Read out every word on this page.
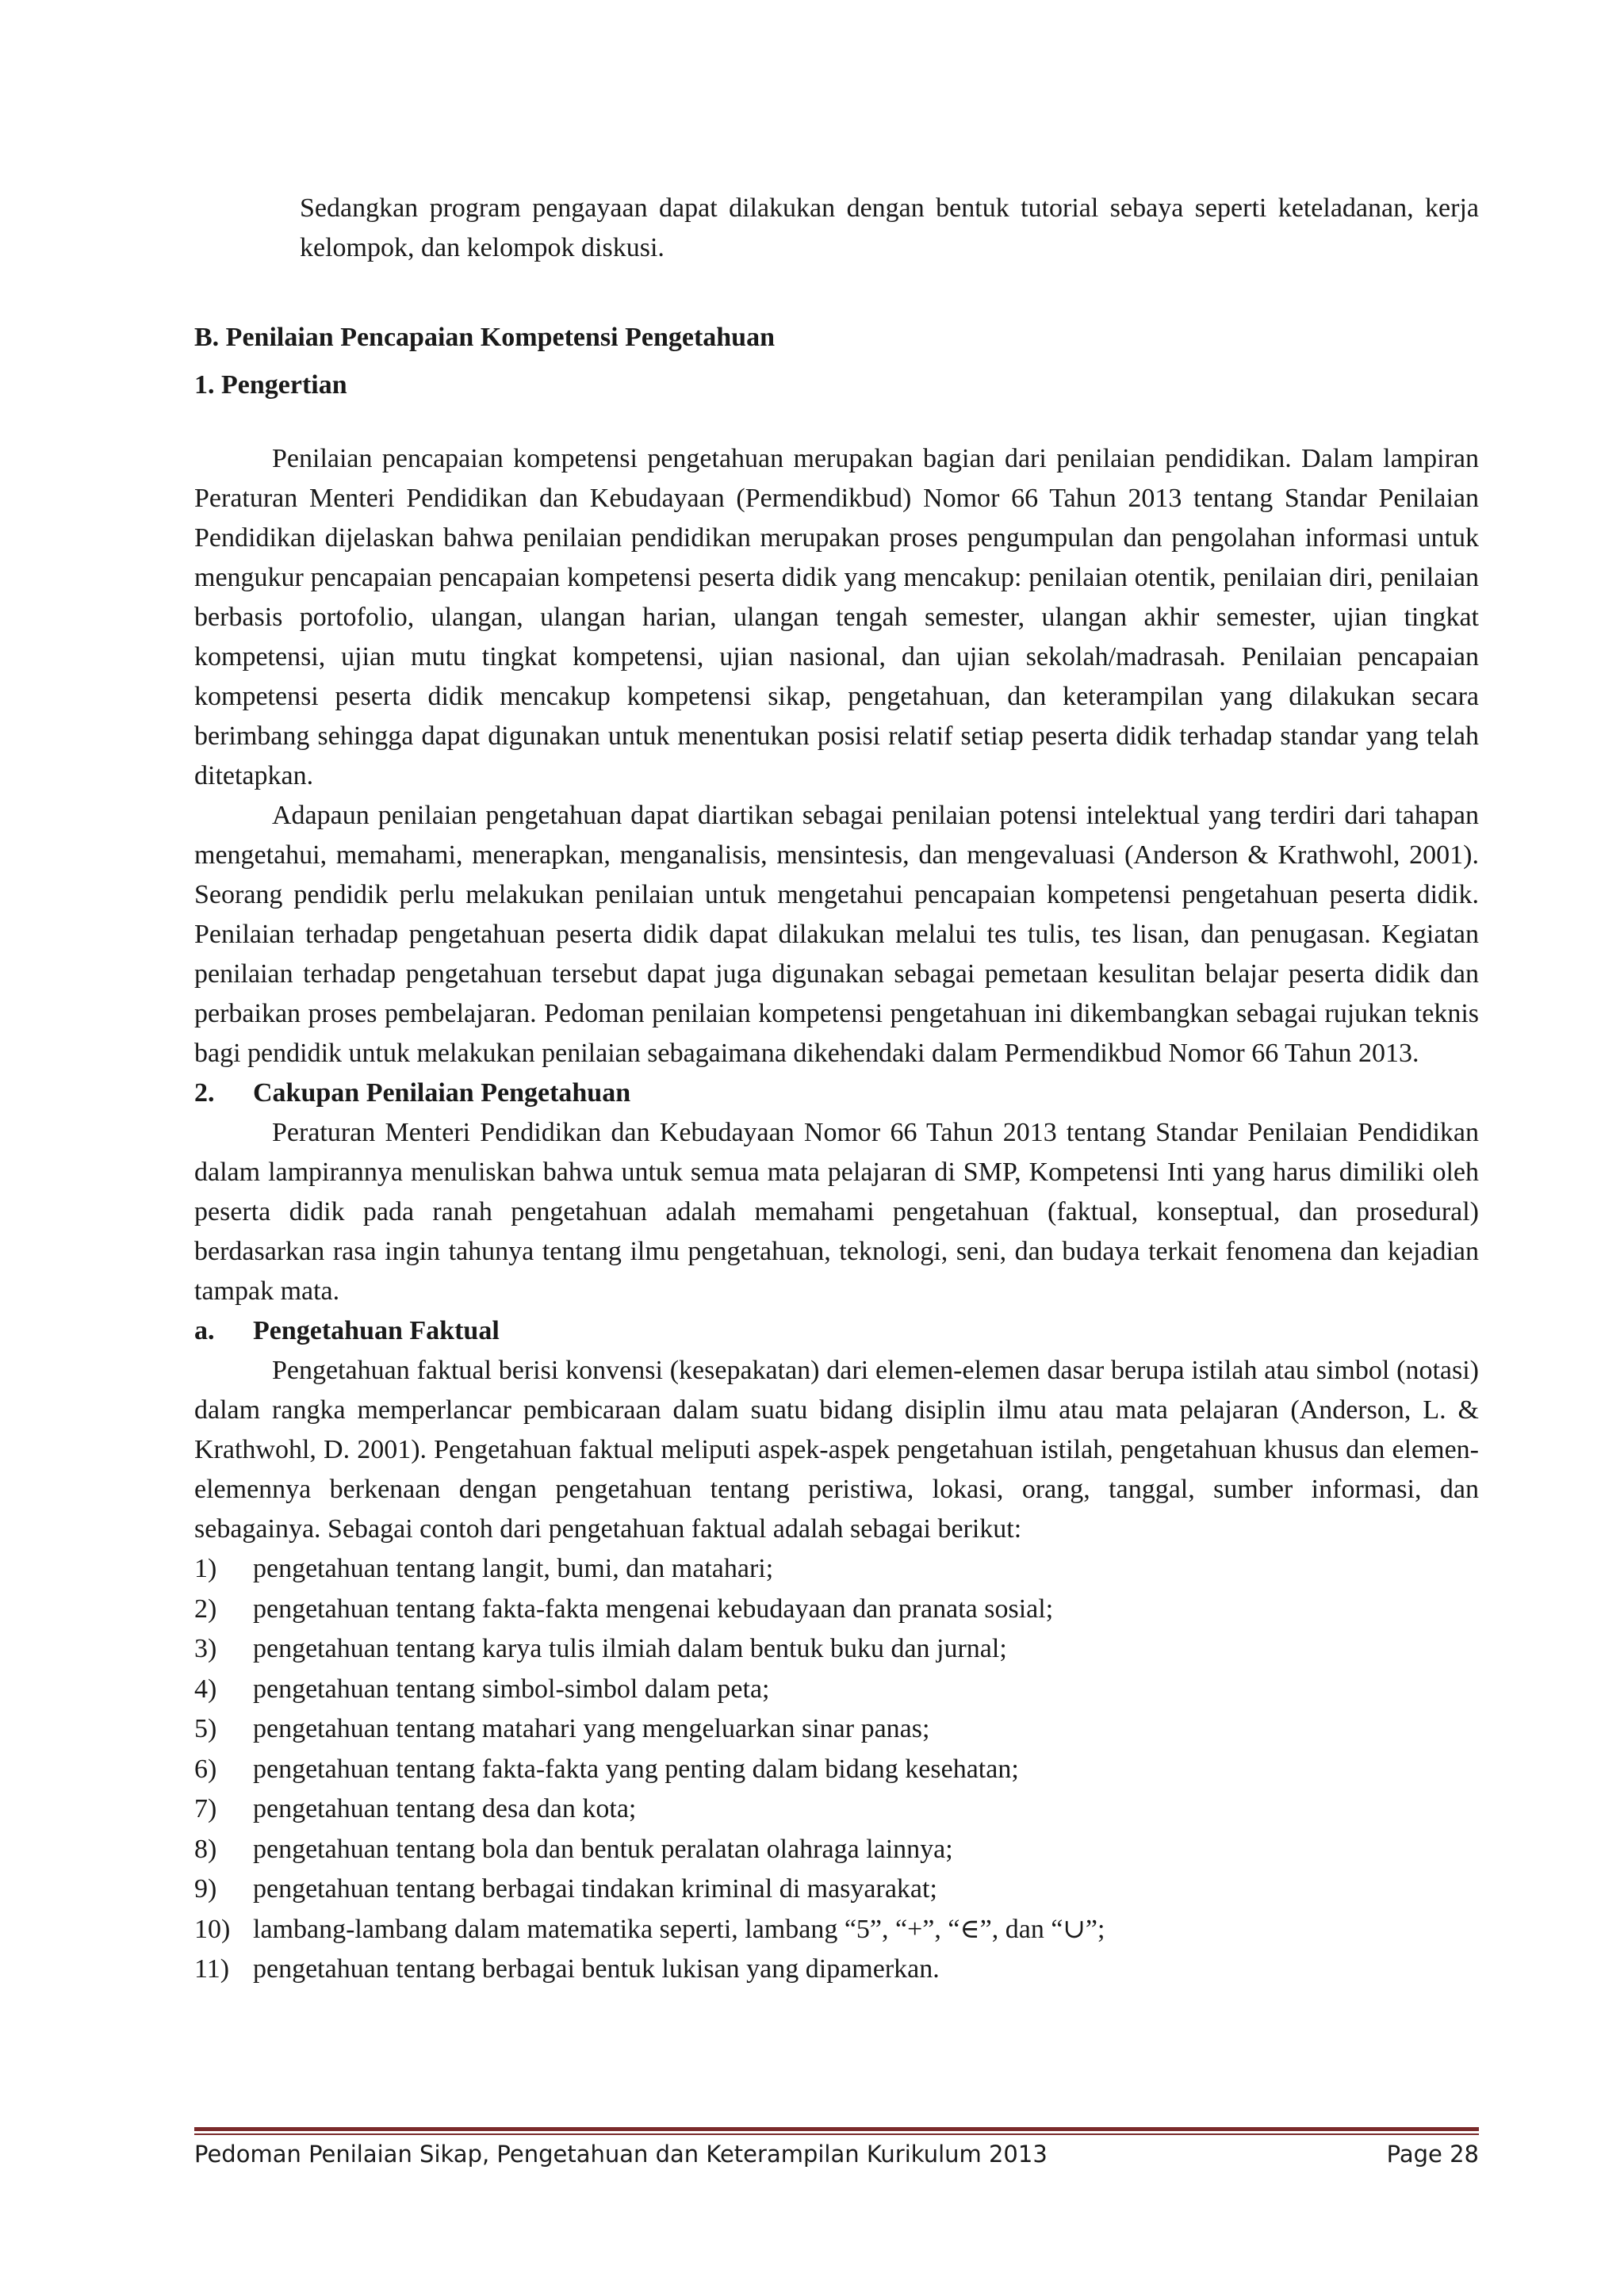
Sedangkan program pengayaan dapat dilakukan dengan bentuk tutorial sebaya seperti keteladanan, kerja kelompok, dan kelompok diskusi.

B. Penilaian Pencapaian Kompetensi Pengetahuan
1. Pengertian

Penilaian pencapaian kompetensi pengetahuan merupakan bagian dari penilaian pendidikan. Dalam lampiran Peraturan Menteri Pendidikan dan Kebudayaan (Permendikbud) Nomor 66 Tahun 2013 tentang Standar Penilaian Pendidikan dijelaskan bahwa penilaian pendidikan merupakan proses pengumpulan dan pengolahan informasi untuk mengukur pencapaian pencapaian kompetensi peserta didik yang mencakup: penilaian otentik, penilaian diri, penilaian berbasis portofolio, ulangan, ulangan harian, ulangan tengah semester, ulangan akhir semester, ujian tingkat kompetensi, ujian mutu tingkat kompetensi, ujian nasional, dan ujian sekolah/madrasah. Penilaian pencapaian kompetensi peserta didik mencakup kompetensi sikap, pengetahuan, dan keterampilan yang dilakukan secara berimbang sehingga dapat digunakan untuk menentukan posisi relatif setiap peserta didik terhadap standar yang telah ditetapkan.

Adapaun penilaian pengetahuan dapat diartikan sebagai penilaian potensi intelektual yang terdiri dari tahapan mengetahui, memahami, menerapkan, menganalisis, mensintesis, dan mengevaluasi (Anderson & Krathwohl, 2001). Seorang pendidik perlu melakukan penilaian untuk mengetahui pencapaian kompetensi pengetahuan peserta didik. Penilaian terhadap pengetahuan peserta didik dapat dilakukan melalui tes tulis, tes lisan, dan penugasan. Kegiatan penilaian terhadap pengetahuan tersebut dapat juga digunakan sebagai pemetaan kesulitan belajar peserta didik dan perbaikan proses pembelajaran. Pedoman penilaian kompetensi pengetahuan ini dikembangkan sebagai rujukan teknis bagi pendidik untuk melakukan penilaian sebagaimana dikehendaki dalam Permendikbud Nomor 66 Tahun 2013.

2.	Cakupan Penilaian Pengetahuan

Peraturan Menteri Pendidikan dan Kebudayaan Nomor 66 Tahun 2013 tentang Standar Penilaian Pendidikan dalam lampirannya menuliskan bahwa untuk semua mata pelajaran di SMP, Kompetensi Inti yang harus dimiliki oleh peserta didik pada ranah pengetahuan adalah memahami pengetahuan (faktual, konseptual, dan prosedural) berdasarkan rasa ingin tahunya tentang ilmu pengetahuan, teknologi, seni, dan budaya terkait fenomena dan kejadian tampak mata.

a.	Pengetahuan Faktual

Pengetahuan faktual berisi konvensi (kesepakatan) dari elemen-elemen dasar berupa istilah atau simbol (notasi) dalam rangka memperlancar pembicaraan dalam suatu bidang disiplin ilmu atau mata pelajaran (Anderson, L. & Krathwohl, D. 2001). Pengetahuan faktual meliputi aspek-aspek pengetahuan istilah, pengetahuan khusus dan elemen-elemennya berkenaan dengan pengetahuan tentang peristiwa, lokasi, orang, tanggal, sumber informasi, dan sebagainya. Sebagai contoh dari pengetahuan faktual adalah sebagai berikut:

1)	pengetahuan tentang langit, bumi, dan matahari;
2)	pengetahuan tentang fakta-fakta mengenai kebudayaan dan pranata sosial;
3)	pengetahuan tentang karya tulis ilmiah dalam bentuk buku dan jurnal;
4)	pengetahuan tentang simbol-simbol dalam peta;
5)	pengetahuan tentang matahari yang mengeluarkan sinar panas;
6)	pengetahuan tentang fakta-fakta yang penting dalam bidang kesehatan;
7)	pengetahuan tentang desa dan kota;
8)	pengetahuan tentang bola dan bentuk peralatan olahraga lainnya;
9)	pengetahuan tentang berbagai tindakan kriminal di masyarakat;
10) lambang-lambang dalam matematika seperti, lambang “5”, “+”, “∈”, dan “∪”;
11) pengetahuan tentang berbagai bentuk lukisan yang dipamerkan.
Pedoman Penilaian Sikap, Pengetahuan dan Keterampilan Kurikulum 2013	Page 28
